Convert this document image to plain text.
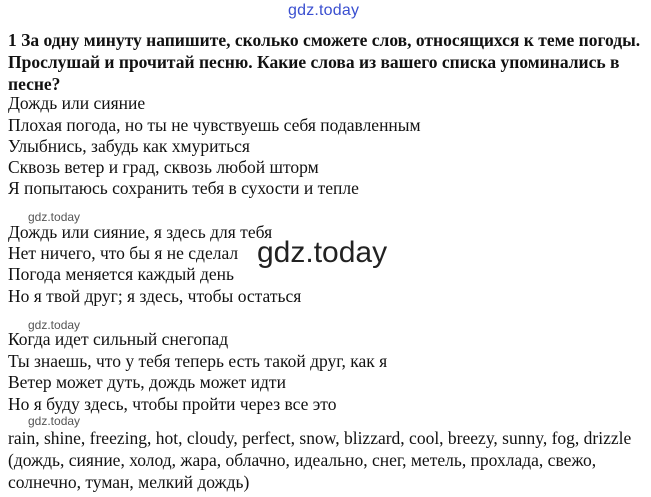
gdz.today
1 За одну минуту напишите, сколько сможете слов, относящихся к теме погоды. Прослушай и прочитай песню. Какие слова из вашего списка упоминались в песне?
Дождь или сияние
Плохая погода, но ты не чувствуешь себя подавленным
Улыбнись, забудь как хмуриться
Сквозь ветер и град, сквозь любой шторм
Я попытаюсь сохранить тебя в сухости и тепле
gdz.today
Дождь или сияние, я здесь для тебя
Нет ничего, что бы я не сделал
Погода меняется каждый день
Но я твой друг; я здесь, чтобы остаться
gdz.today
gdz.today
Когда идет сильный снегопад
Ты знаешь, что у тебя теперь есть такой друг, как я
Ветер может дуть, дождь может идти
Но я буду здесь, чтобы пройти через все это
gdz.today
rain, shine, freezing, hot, cloudy, perfect, snow, blizzard, cool, breezy, sunny, fog, drizzle (дождь, сияние, холод, жара, облачно, идеально, снег, метель, прохлада, свежо, солнечно, туман, мелкий дождь)
